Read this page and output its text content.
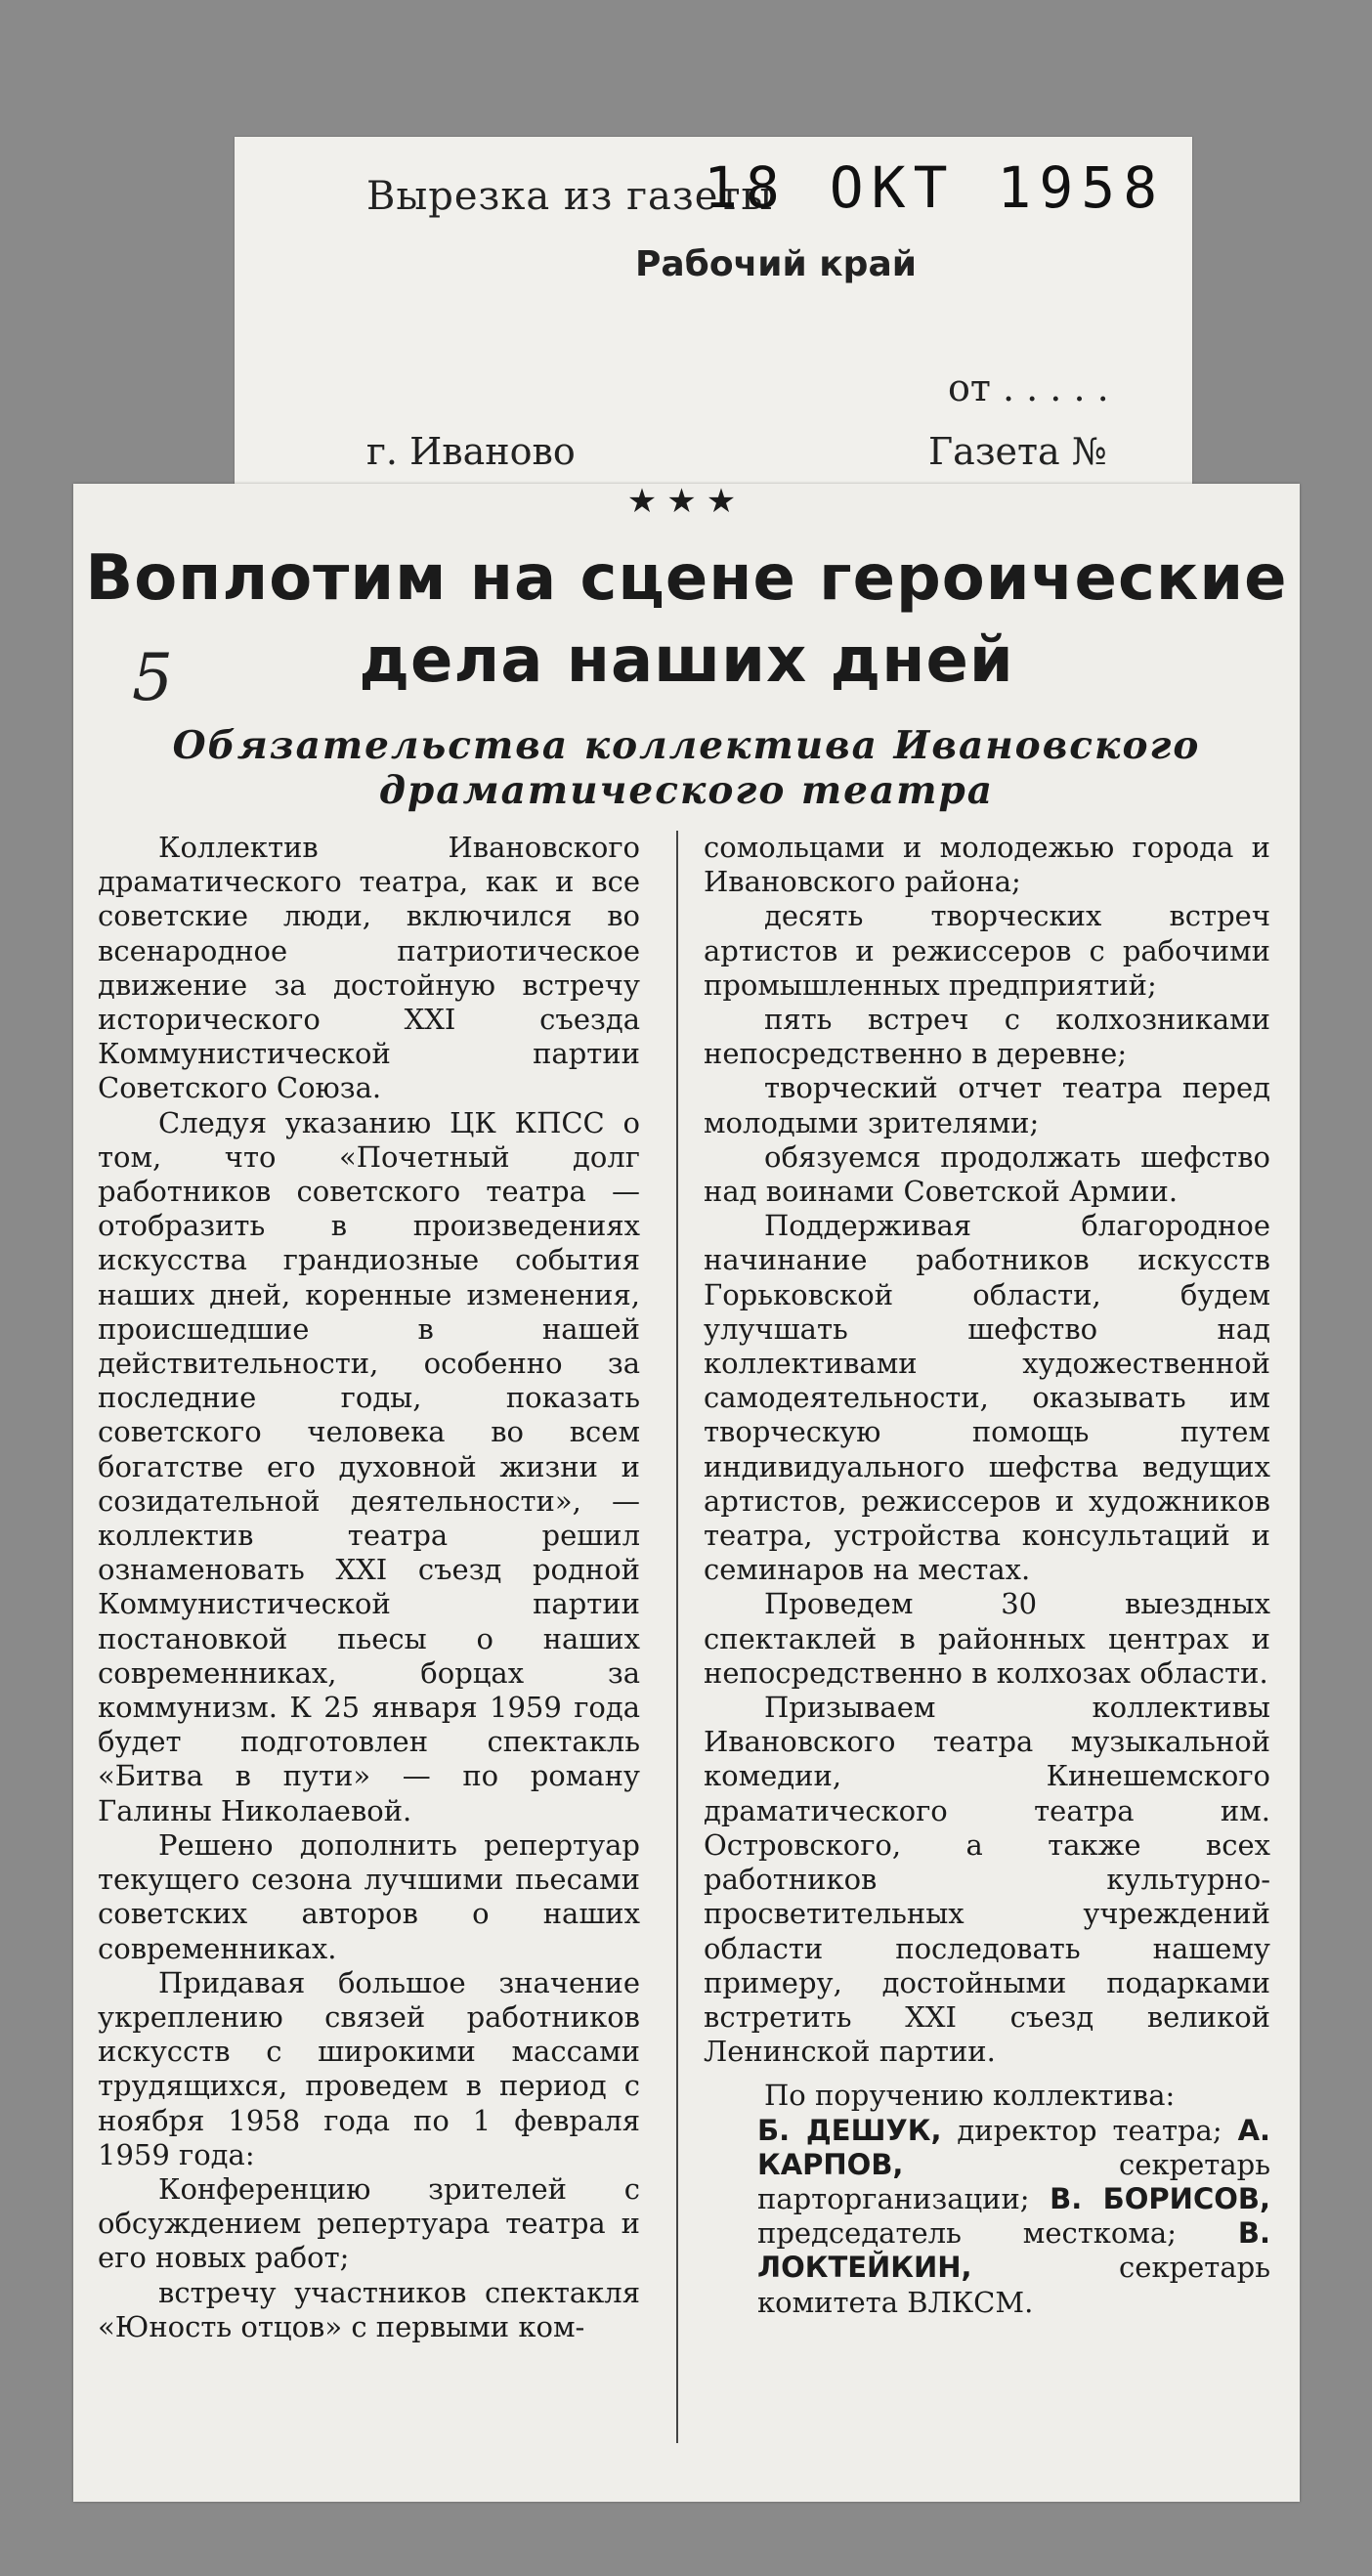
Вырезка из газеты
18 ОКТ 1958
Рабочий край
от . . . . .
г. Иваново	Газета №
★★★
Воплотим на сцене героические
дела наших дней
5
Обязательства коллектива Ивановского
драматического театра

Коллектив Ивановского драматического театра, как и все советские люди, включился во всенародное патриотическое движение за достойную встречу исторического XXI съезда Коммунистической партии Советского Союза.

Следуя указанию ЦК КПСС о том, что «Почетный долг работников советского театра — отобразить в произведениях искусства грандиозные события наших дней, коренные изменения, происшедшие в нашей действительности, особенно за последние годы, показать советского человека во всем богатстве его духовной жизни и созидательной деятельности», — коллектив театра решил ознаменовать XXI съезд родной Коммунистической партии постановкой пьесы о наших современниках, борцах за коммунизм. К 25 января 1959 года будет подготовлен спектакль «Битва в пути» — по роману Галины Николаевой.

Решено дополнить репертуар текущего сезона лучшими пьесами советских авторов о наших современниках.

Придавая большое значение укреплению связей работников искусств с широкими массами трудящихся, проведем в период с ноября 1958 года по 1 февраля 1959 года:

Конференцию зрителей с обсуждением репертуара театра и его новых работ;

встречу участников спектакля «Юность отцов» с первыми ком-

сомольцами и молодежью города и Ивановского района;

десять творческих встреч артистов и режиссеров с рабочими промышленных предприятий;

пять встреч с колхозниками непосредственно в деревне;

творческий отчет театра перед молодыми зрителями;

обязуемся продолжать шефство над воинами Советской Армии.

Поддерживая благородное начинание работников искусств Горьковской области, будем улучшать шефство над коллективами художественной самодеятельности, оказывать им творческую помощь путем индивидуального шефства ведущих артистов, режиссеров и художников театра, устройства консультаций и семинаров на местах.

Проведем 30 выездных спектаклей в районных центрах и непосредственно в колхозах области.

Призываем коллективы Ивановского театра музыкальной комедии, Кинешемского драматического театра им. Островского, а также всех работников культурно-просветительных учреждений области последовать нашему примеру, достойными подарками встретить XXI съезд великой Ленинской партии.

По поручению коллектива:

Б. ДЕШУК, директор театра; А. КАРПОВ,	секретарь парторганизации; В. БОРИСОВ, председатель месткома; В. ЛОКТЕЙКИН,	секретарь комитета ВЛКСМ.
